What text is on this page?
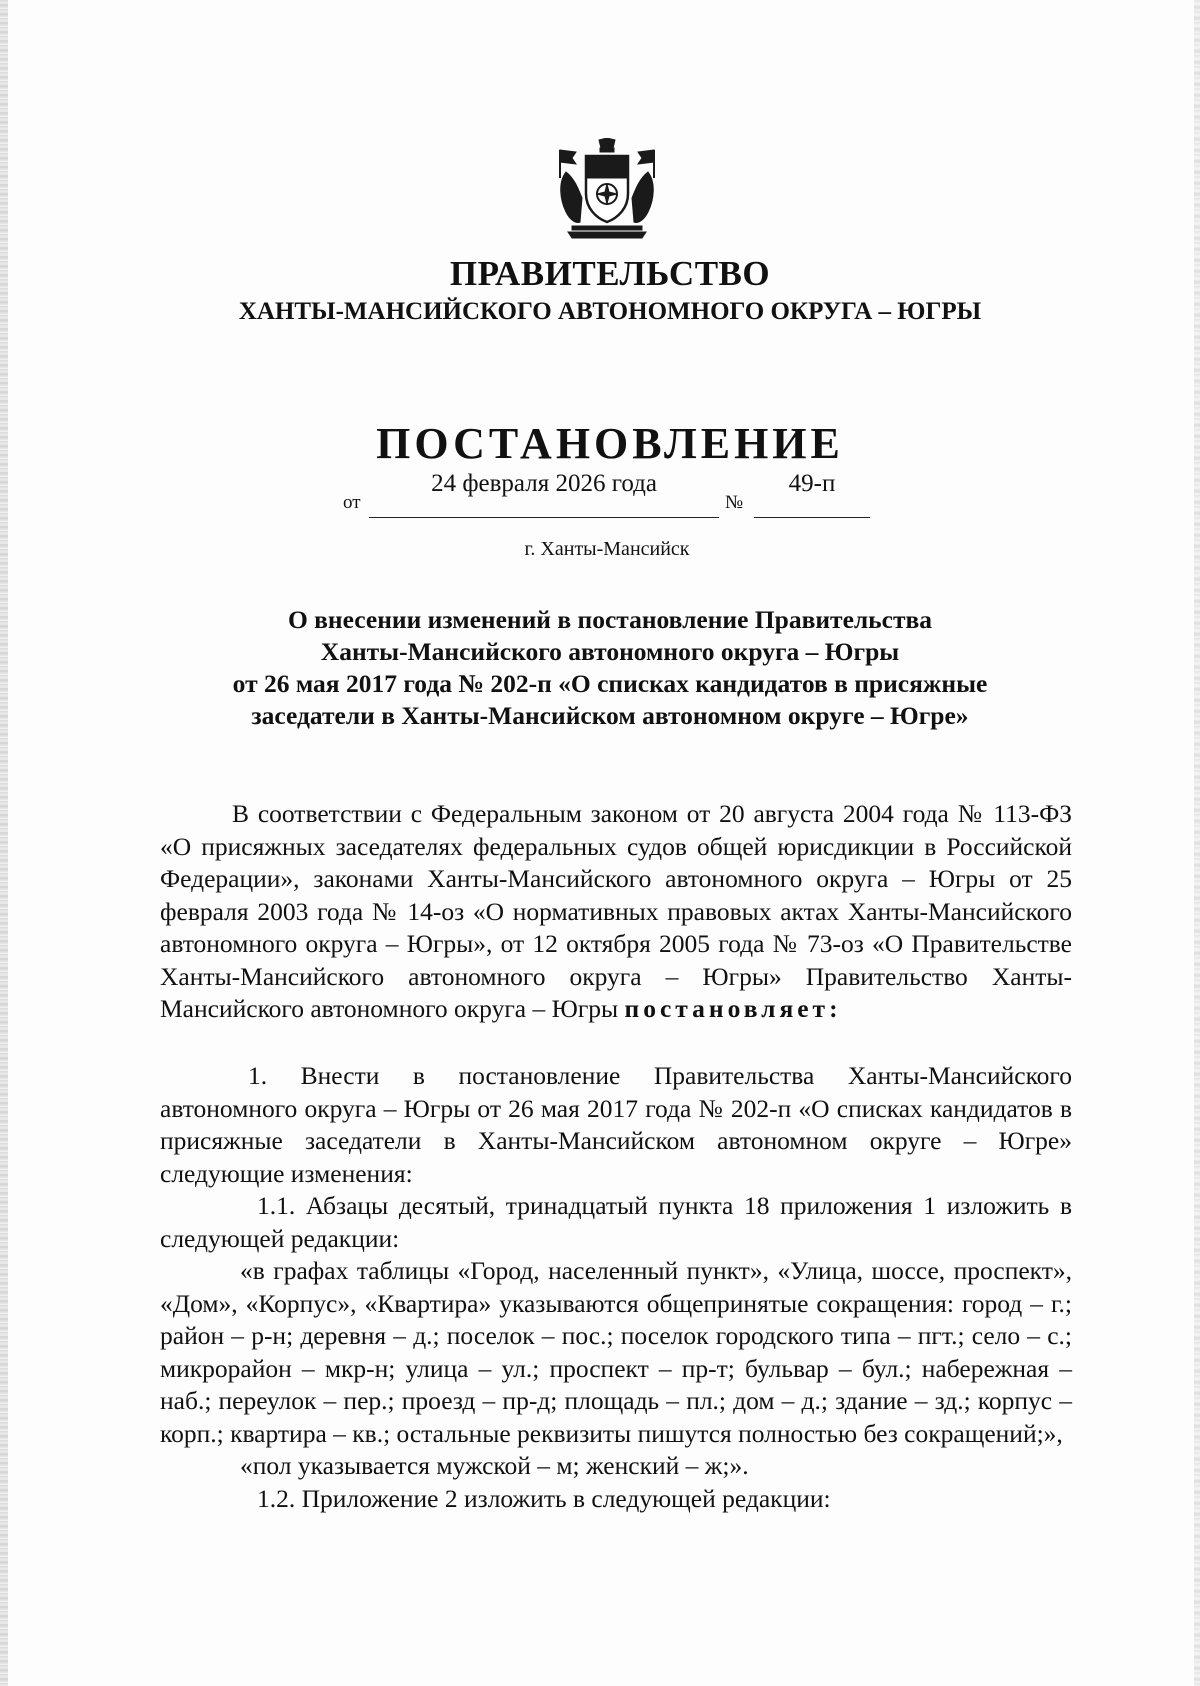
ПРАВИТЕЛЬСТВО
ХАНТЫ-МАНСИЙСКОГО АВТОНОМНОГО ОКРУГА – ЮГРЫ
ПОСТАНОВЛЕНИЕ
от
24 февраля 2026 года
№
49-п
г. Ханты-Мансийск
О внесении изменений в постановление Правительства
Ханты-Мансийского автономного округа – Югры
от 26 мая 2017 года № 202-п «О списках кандидатов в присяжные
заседатели в Ханты-Мансийском автономном округе – Югре»

В соответствии с Федеральным законом от 20 августа 2004 года № 113-ФЗ «О присяжных заседателях федеральных судов общей юрисдикции в Российской Федерации», законами Ханты-Мансийского автономного округа – Югры от 25 февраля 2003 года № 14-оз «О нормативных правовых актах Ханты-Мансийского автономного округа – Югры», от 12 октября 2005 года № 73-оз «О Правительстве Ханты-Мансийского автономного округа – Югры» Правительство Ханты-Мансийского автономного округа – Югры постановляет:

1. Внести в постановление Правительства Ханты-Мансийского автономного округа – Югры от 26 мая 2017 года № 202-п «О списках кандидатов в присяжные заседатели в Ханты-Мансийском автономном округе – Югре» следующие изменения:

1.1. Абзацы десятый, тринадцатый пункта 18 приложения 1 изложить в следующей редакции:

«в графах таблицы «Город, населенный пункт», «Улица, шоссе, проспект», «Дом», «Корпус», «Квартира» указываются общепринятые сокращения: город – г.; район – р-н; деревня – д.; поселок – пос.; поселок городского типа – пгт.; село – с.; микрорайон – мкр-н; улица – ул.; проспект – пр-т; бульвар – бул.; набережная – наб.; переулок – пер.; проезд – пр-д; площадь – пл.; дом – д.; здание – зд.; корпус – корп.; квартира – кв.; остальные реквизиты пишутся полностью без сокращений;»,

«пол указывается мужской – м; женский – ж;».

1.2. Приложение 2 изложить в следующей редакции:
